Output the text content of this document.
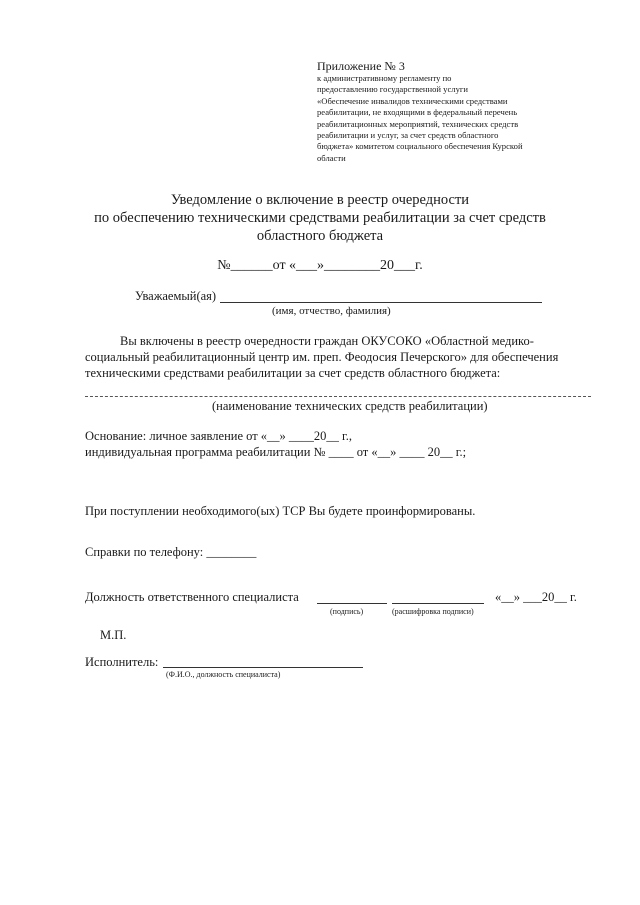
Приложение № 3
к административному регламенту по
предоставлению государственной услуги
«Обеспечение инвалидов техническими средствами
реабилитации, не входящими в федеральный перечень
реабилитационных мероприятий, технических средств
реабилитации и услуг, за счет средств областного
бюджета» комитетом социального обеспечения Курской
области
Уведомление о включение в реестр очередности
по обеспечению техническими средствами реабилитации за счет средств
областного бюджета
№______от «___»________20___г.
Уважаемый(ая)
(имя, отчество, фамилия)
Вы включены в реестр очередности граждан ОКУСОКО «Областной медико-
социальный реабилитационный центр им. преп. Феодосия Печерского» для обеспечения
техническими средствами реабилитации за счет средств областного бюджета:
(наименование технических средств реабилитации)
Основание: личное заявление от «__» ____20__ г.,
индивидуальная программа реабилитации № ____ от «__» ____ 20__ г.;
При поступлении необходимого(ых) ТСР Вы будете проинформированы.
Справки по телефону: ________
Должность ответственного специалиста	«__» ___20__ г.
(подпись)	(расшифровка подписи)
М.П.
Исполнитель:
(Ф.И.О., должность специалиста)
